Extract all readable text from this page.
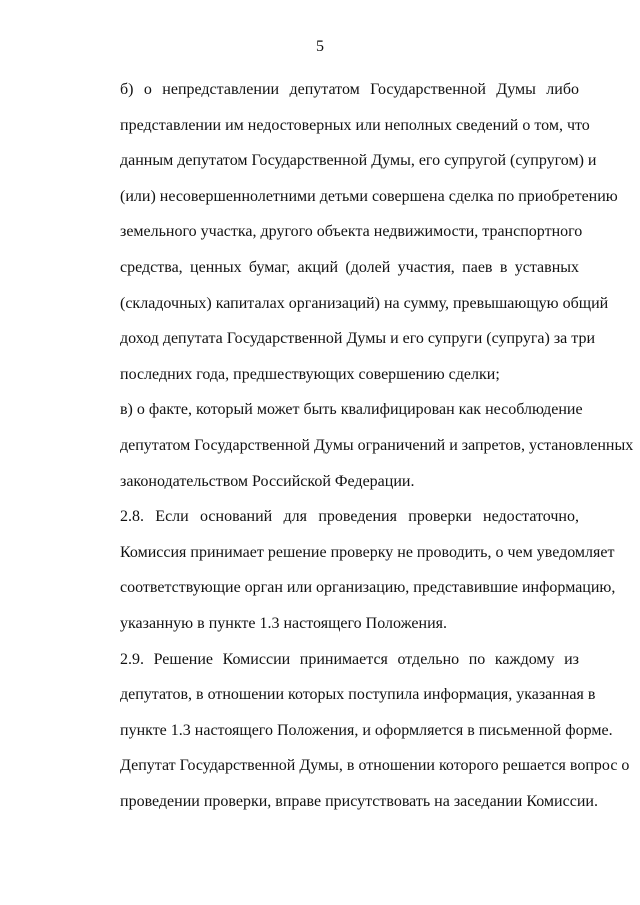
5
б) о непредставлении депутатом Государственной Думы либо
представлении им недостоверных или неполных сведений о том, что
данным депутатом Государственной Думы, его супругой (супругом) и
(или) несовершеннолетними детьми совершена сделка по приобретению
земельного участка, другого объекта недвижимости, транспортного
средства, ценных бумаг, акций (долей участия, паев в уставных
(складочных) капиталах организаций) на сумму, превышающую общий
доход депутата Государственной Думы и его супруги (супруга) за три
последних года, предшествующих совершению сделки;
в) о факте, который может быть квалифицирован как несоблюдение
депутатом Государственной Думы ограничений и запретов, установленных
законодательством Российской Федерации.
2.8. Если оснований для проведения проверки недостаточно,
Комиссия принимает решение проверку не проводить, о чем уведомляет
соответствующие орган или организацию, представившие информацию,
указанную в пункте 1.3 настоящего Положения.
2.9. Решение Комиссии принимается отдельно по каждому из
депутатов, в отношении которых поступила информация, указанная в
пункте 1.3 настоящего Положения, и оформляется в письменной форме.
Депутат Государственной Думы, в отношении которого решается вопрос о
проведении проверки, вправе присутствовать на заседании Комиссии.
